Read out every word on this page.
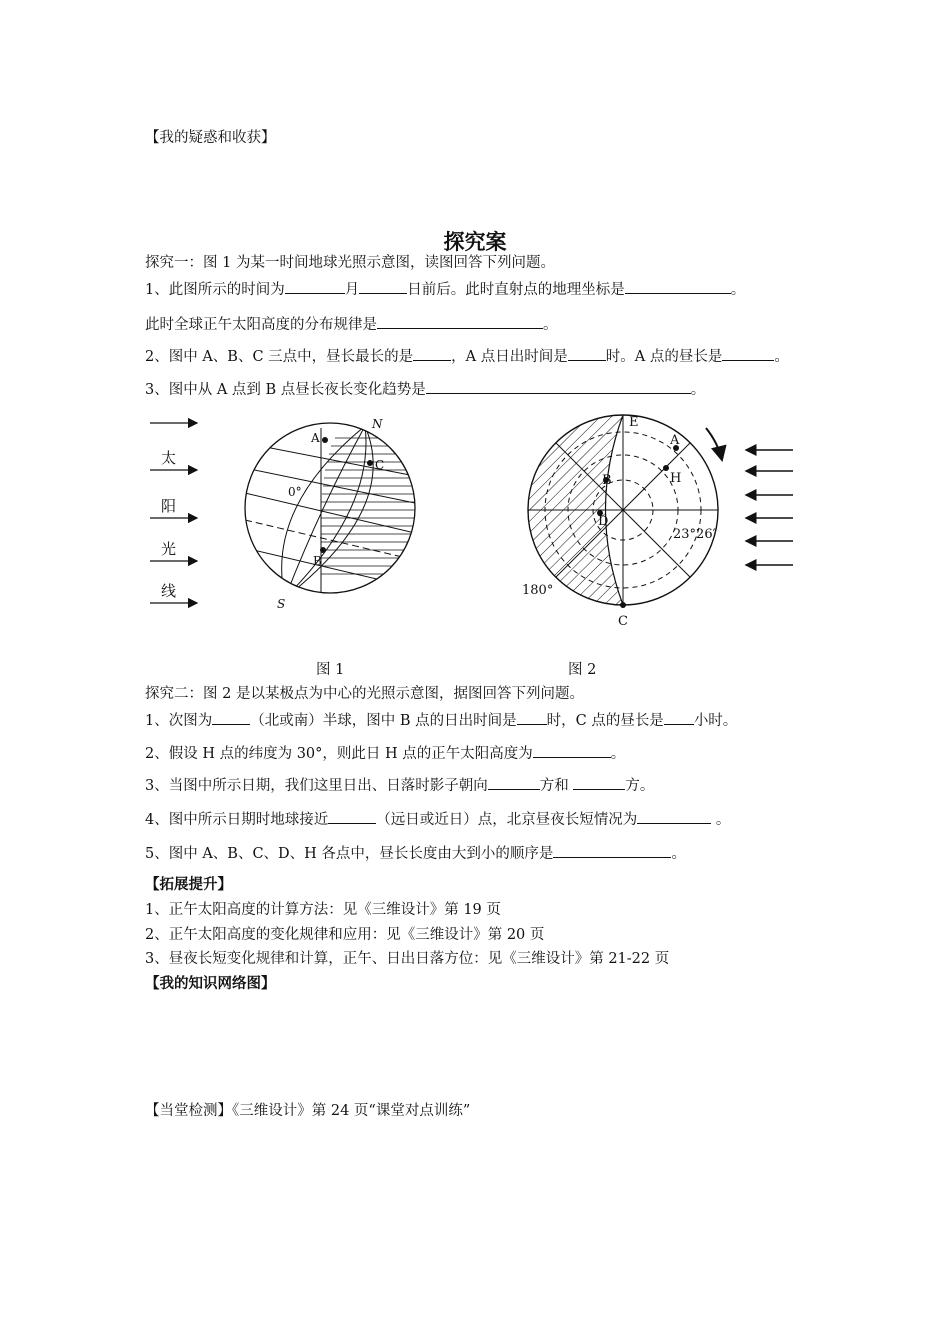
【我的疑惑和收获】

探究案

探究一：图 1 为某一时间地球光照示意图，读图回答下列问题。

1、此图所示的时间为	月	日前后。此时直射点的地理坐标是	。

此时全球正午太阳高度的分布规律是	。

2、图中 A、B、C 三点中，昼长最长的是	，A 点日出时间是	时。A 点的昼长是	。

3、图中从 A 点到 B 点昼长夜长变化趋势是	。

太
阳
光
线
A
C
B
N
S
0°
E
A
B	H
D
C
23°26′
180°
图 1	图 2

探究二：图 2 是以某极点为中心的光照示意图，据图回答下列问题。

1、次图为	（北或南）半球，图中 B 点的日出时间是 时，C 点的昼长是 小时。

2、假设 H 点的纬度为 30°，则此日 H 点的正午太阳高度为	。

3、当图中所示日期，我们这里日出、日落时影子朝向	方和	方。

4、图中所示日期时地球接近	（远日或近日）点，北京昼夜长短情况为	。

5、图中 A、B、C、D、H 各点中，昼长长度由大到小的顺序是	。

【拓展提升】

1、正午太阳高度的计算方法：见《三维设计》第 19 页

2、正午太阳高度的变化规律和应用：见《三维设计》第 20 页

3、昼夜长短变化规律和计算，正午、日出日落方位：见《三维设计》第 21-22 页

【我的知识网络图】

【当堂检测】《三维设计》第 24 页“课堂对点训练”
